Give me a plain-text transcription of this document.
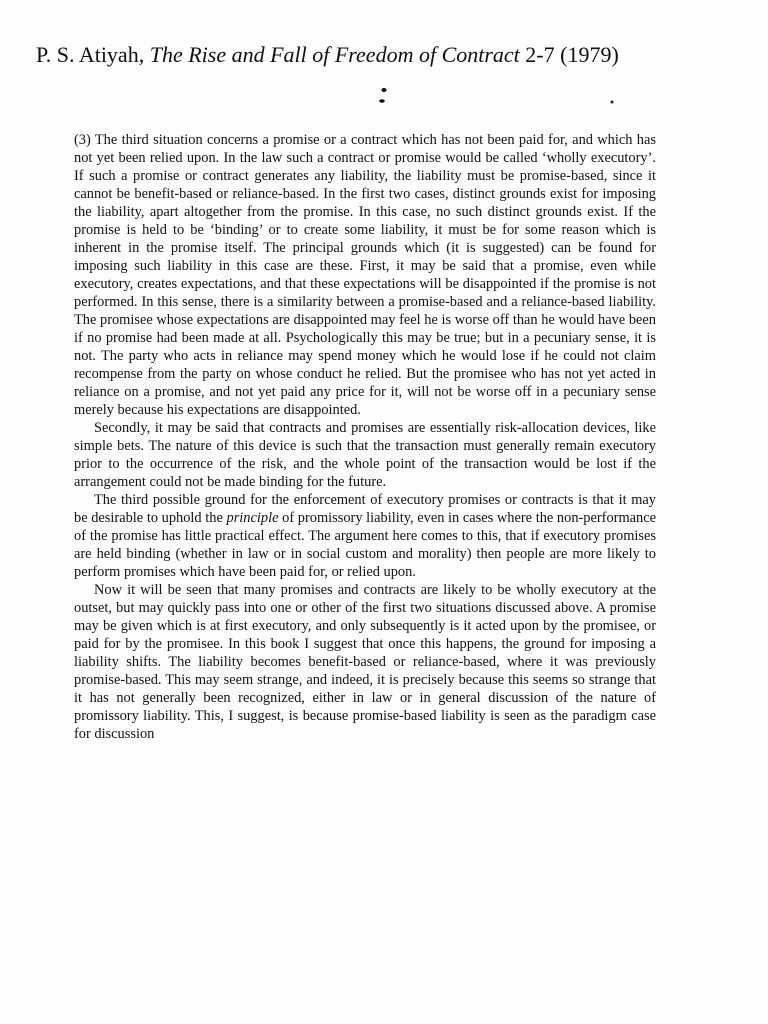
P. S. Atiyah, The Rise and Fall of Freedom of Contract 2-7 (1979)

(3) The third situation concerns a promise or a contract which has not been paid for, and which has not yet been relied upon. In the law such a contract or promise would be called ‘wholly executory’. If such a promise or contract generates any liability, the liability must be promise-based, since it cannot be benefit-based or reliance-based. In the first two cases, distinct grounds exist for imposing the liability, apart altogether from the promise. In this case, no such distinct grounds exist. If the promise is held to be ‘binding’ or to create some liability, it must be for some reason which is inherent in the promise itself. The principal grounds which (it is suggested) can be found for imposing such liability in this case are these. First, it may be said that a promise, even while executory, creates expectations, and that these expectations will be disappointed if the promise is not performed. In this sense, there is a similarity between a promise-based and a reliance-based liability. The promisee whose expectations are disappointed may feel he is worse off than he would have been if no promise had been made at all. Psychologically this may be true; but in a pecuniary sense, it is not. The party who acts in reliance may spend money which he would lose if he could not claim recompense from the party on whose conduct he relied. But the promisee who has not yet acted in reliance on a promise, and not yet paid any price for it, will not be worse off in a pecuniary sense merely because his expectations are disappointed.

Secondly, it may be said that contracts and promises are essentially risk-allocation devices, like simple bets. The nature of this device is such that the transaction must generally remain executory prior to the occurrence of the risk, and the whole point of the transaction would be lost if the arrangement could not be made binding for the future.

The third possible ground for the enforcement of executory promises or contracts is that it may be desirable to uphold the principle of promissory liability, even in cases where the non-performance of the promise has little practical effect. The argument here comes to this, that if executory promises are held binding (whether in law or in social custom and morality) then people are more likely to perform promises which have been paid for, or relied upon.

Now it will be seen that many promises and contracts are likely to be wholly executory at the outset, but may quickly pass into one or other of the first two situations discussed above. A promise may be given which is at first executory, and only subsequently is it acted upon by the promisee, or paid for by the promisee. In this book I suggest that once this happens, the ground for imposing a liability shifts. The liability becomes benefit-based or reliance-based, where it was previously promise-based. This may seem strange, and indeed, it is precisely because this seems so strange that it has not generally been recognized, either in law or in general discussion of the nature of promissory liability. This, I suggest, is because promise-based liability is seen as the paradigm case for discussion
